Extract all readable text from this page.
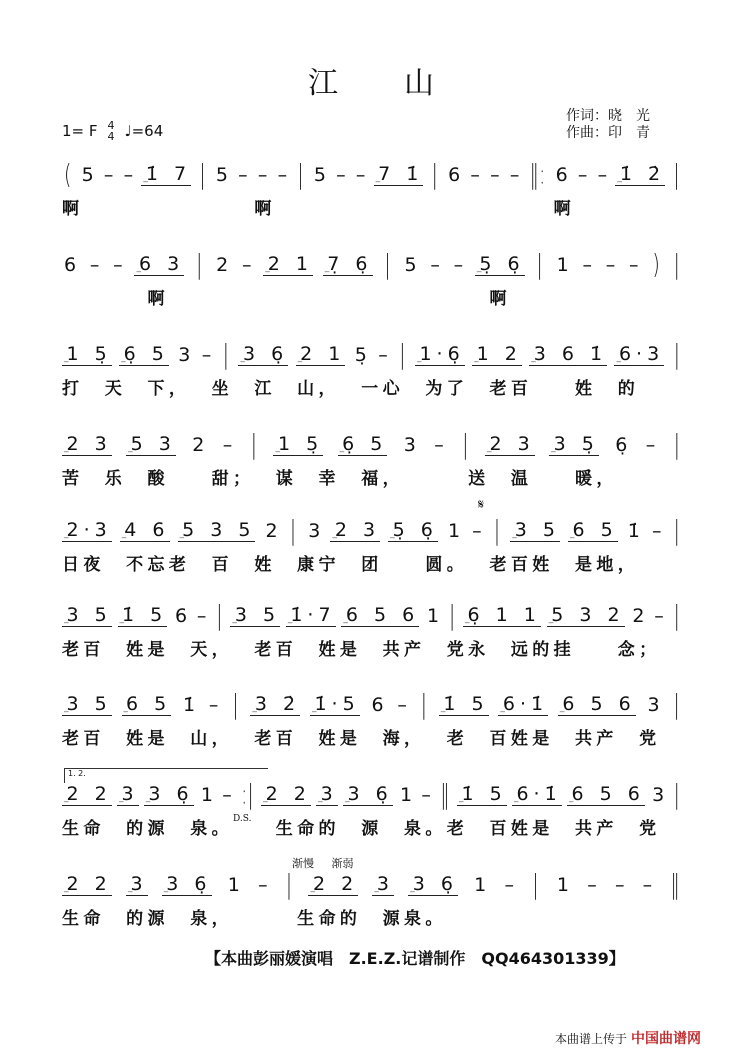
江　　山
1= F 4
4 ♩=64
作词：晓　光
作曲：印　青
𝄋
1. 2.
渐慢 渐弱
( 5 – – _1̇ 7 | 5 – – – | 5 – – _7 1̇ | 6 – – – ‖: 6 – – _1̇ 2̇ |
啊	啊	啊
6 – – _6 3 | 2 – _2 1 _7̣ 6̣ | 5 – – _5̣ 6̣ | 1 – – – ) |
啊	啊
_1 5̣ _6̣ 5 3 – | _3 6̣ _2 1 5̣ – | _1·6̣ _1 2 _3 6 1̇ _6·3 |
打 天 下 ， 坐 江 山 ， 一 心 为 了 老 百	姓 的
_2 3 _5 3 2 – | _1 5̣ _6̣ 5 3 – | _2 3 _3 5̣ 6̣ – |
苦 乐 酸	甜 ； 谋 幸 福 ，	送 温	暖 ，
_2·3 _4 6 _5 3 5 2 | 3 _2 3 _5̣ 6̣ 1 – | _3 5 _6 5 1̇ – |
日 夜 不 忘 老 百 姓 康 宁 团	圆 。 老 百 姓 是 地 ，
_3 5 _1̇ 5 6 – | _3 5 _1̇·7 _6 5 6 1 | _6̣ 1 1 _5 3 2 2 – |
老 百 姓 是 天 ， 老 百 姓 是 共 产 党 永 远 的 挂	念 ；
_3 5 _6 5 1̇ – | _3 2̇ _1̇·5 6 – | _1̇ 5 _6·1̇ _6 5 6 3 |
老 百 姓 是 山 ， 老 百 姓 是 海 ， 老 百 姓 是 共 产 党
_2 2 _3 _3 6̣ 1 – :| _2 2 _3 _3 6̣ 1 – ‖ _1̇ 5 _6·1̇ _6 5 6 3 |
生 命 的 源 泉 。 D.S. 生 命 的 源 泉 。 老 百 姓 是 共 产 党
_2 2 _3 _3 6̣ 1 – | _2 2 _3 _3 6̣ 1 – | 1 – – – ‖
生 命 的 源 泉 ，	生 命 的 源 泉 。
【本曲彭丽媛演唱　Z.E.Z.记谱制作　QQ464301339】
本曲谱上传于 中国曲谱网
